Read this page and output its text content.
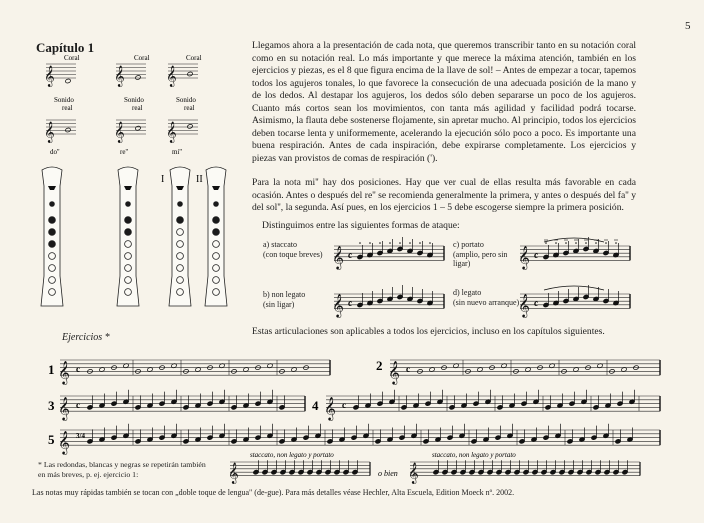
5
Capítulo 1
𝄞
𝄞
Coral
Sonido
real
do''
𝄞
𝄞
Coral
Sonido
real
re''
𝄞
𝄞
Coral
Sonido
real
mi''
I	II

Llegamos ahora a la presentación de cada nota, que queremos transcribir tanto en su notación coral como en su notación real. Lo más importante y que merece la máxima atención, también en los ejercicios y piezas, es el 8 que figura encima de la llave de sol! – Antes de empezar a tocar, tapemos todos los agujeros tonales, lo que favorece la consecución de una adecuada posición de la mano y de los dedos. Al destapar los agujeros, los dedos sólo deben separarse un poco de los agujeros. Cuanto más cortos sean los movimientos, con tanta más agilidad y facilidad podrá tocarse. Asimismo, la flauta debe sostenerse flojamente, sin apretar mucho. Al principio, todos los ejercicios deben tocarse lenta y uniformemente, acelerando la ejecución sólo poco a poco. Es importante una buena respiración. Antes de cada inspiración, debe expirarse completamente. Los ejercicios y piezas van provistos de comas de respiración (').

Para la nota mi'' hay dos posiciones. Hay que ver cual de ellas resulta más favorable en cada ocasión. Antes o después del re'' se recomienda generalmente la primera, y antes o después del fa'' y del sol'', la segunda. Así pues, en los ejercicios 1 – 5 debe escogerse siempre la primera posición.

Distinguimos entre las siguientes formas de ataque:
a) staccato
(con toque breves)
b) non legato
(sin ligar)
c) portato
(amplio, pero sin ligar)
d) legato
(sin nuevo arranque)
𝄞 c
𝄞 c
𝄞 c
𝄞 c

Estas articulaciones son aplicables a todos los ejercicios, incluso en los capítulos siguientes.

Ejercicios *
𝄞 c	𝄞 c
𝄞 c	𝄞 c
𝄞
1	2
3	4
5	3/4

* Las redondas, blancas y negras se repetirán también en más breves, p. ej. ejercicio 1:	𝄞	𝄞
staccato, non legato y portato
o bien
staccato, non legato y portato
Las notas muy rápidas también se tocan con „doble toque de lengua" (de-gue). Para más detalles véase Hechler, Alta Escuela, Edition Moeck nº. 2002.
